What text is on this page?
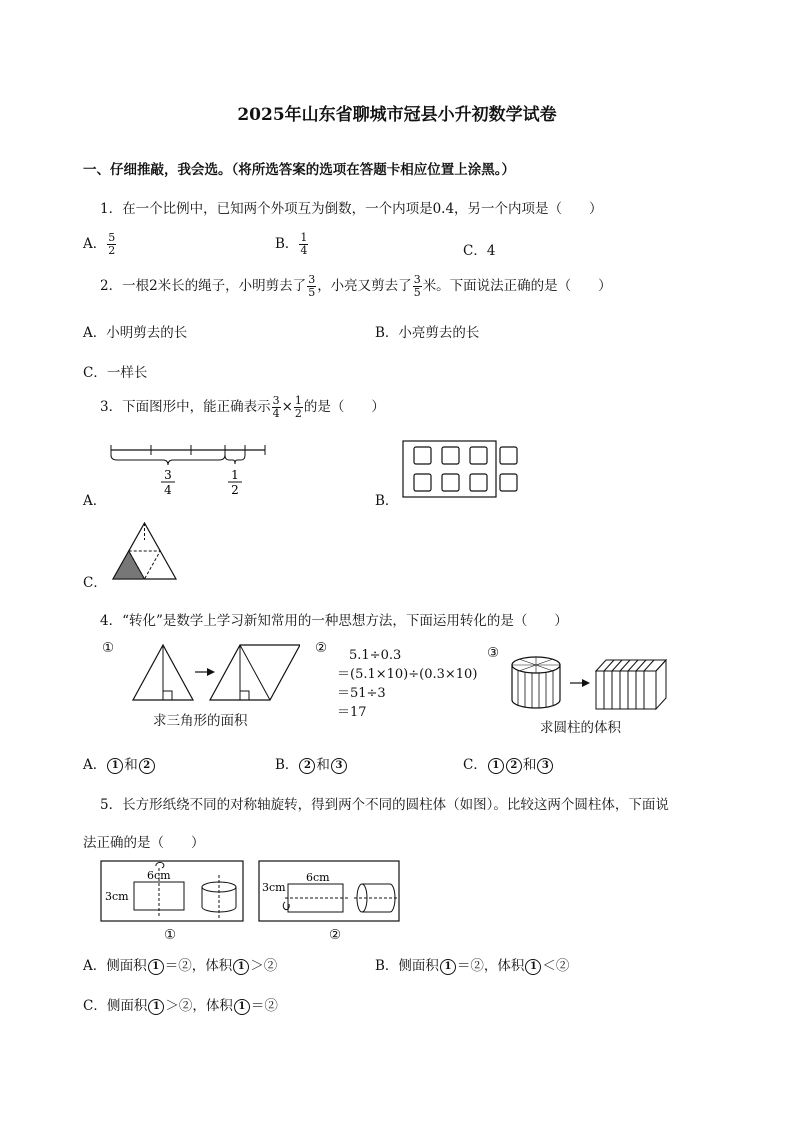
2025年山东省聊城市冠县小升初数学试卷
一、仔细推敲，我会选。（将所选答案的选项在答题卡相应位置上涂黑。）
1．在一个比例中，已知两个外项互为倒数，一个内项是0.4，另一个内项是（　　）
A． $\frac{5}{2}$	B． $\frac{1}{4}$	C．4
2．一根2米长的绳子，小明剪去了 $\frac{3}{5}$ ，小亮又剪去了 $\frac{3}{5}$ 米。下面说法正确的是（　　）
A．小明剪去的长	B．小亮剪去的长
C．一样长
3．下面图形中，能正确表示 $\frac{3}{4} \times \frac{1}{2}$ 的是（　　）
A．
3
4
1
2
B．
C．
4．“转化”是数学上学习新知常用的一种思想方法，下面运用转化的是（　　）
①
求三角形的面积
②	5.1÷0.3
＝(5.1×10)÷(0.3×10)
＝51÷3
＝17
③
求圆柱的体积
A． 1 和 2	B． 2 和 3	C． 1 2 和 3
5．长方形纸绕不同的对称轴旋转，得到两个不同的圆柱体（如图）。比较这两个圆柱体，下面说
法正确的是（　　）
6cm
3cm
①
6cm
3cm
②
A．侧面积 1 ＝②，体积 1 ＞②	B．侧面积 1 ＝②，体积 1 ＜②
C．侧面积 1 ＞②，体积 1 ＝②
